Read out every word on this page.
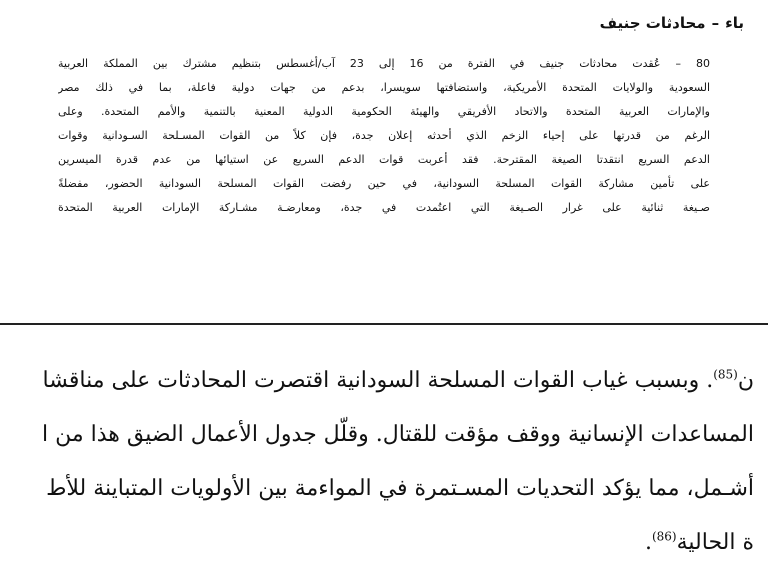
باء–محادثات جنيف
80 – عُقدت محادثات جنيف في الفترة من 16 إلى 23 آب/أغسطس بتنظيم مشترك بين المملكة العربية
السعودية والولايات المتحدة الأمريكية، واستضافتها سويسرا، بدعم من جهات دولية فاعلة، بما في ذلك مصر
والإمارات العربية المتحدة والاتحاد الأفريقي والهيئة الحكومية الدولية المعنية بالتنمية والأمم المتحدة. وعلى
الرغم من قدرتها على إحياء الزخم الذي أحدثه إعلان جدة، فإن كلاً من القوات المسـلحة السـودانية وقوات
الدعم السريع انتقدتا الصيغة المقترحة. فقد أعربت قوات الدعم السريع عن استيائها من عدم قدرة الميسرين
على تأمين مشاركة القوات المسلحة السودانية، في حين رفضت القوات المسلحة السودانية الحضور، مفضلةً
صـيغة ثنائية على غرار الصـيغة التي اعتُمدت في جدة، ومعارضـة مشـاركة الإمارات العربية المتحدة
ن$^{(85)}$. وبسبب غياب القوات المسلحة السودانية اقتصرت المحادثات على مناقشا
المساعدات الإنسانية ووقف مؤقت للقتال. وقلّل جدول الأعمال الضيق هذا من ا
أشـمل، مما يؤكد التحديات المسـتمرة في المواءمة بين الأولويات المتباينة للأط
ة الحالية$^{(86)}$.
